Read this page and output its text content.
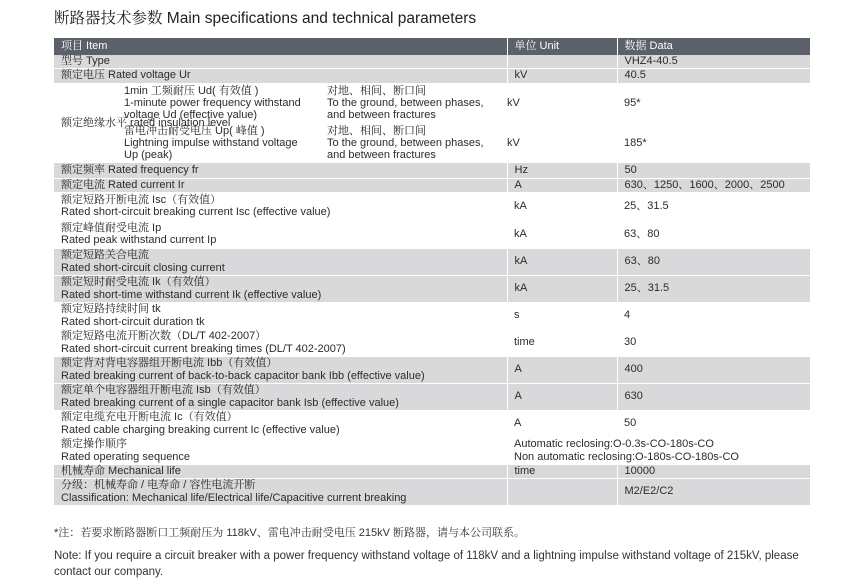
断路器技术参数 Main specifications and technical parameters
项目 Item			单位 Unit	数据 Data
型号 Type				VHZ4-40.5
额定电压 Rated voltage Ur			kV	40.5
额定绝缘水平 rated insulation level	1min 工频耐压 Ud( 有效值 )
1-minute power frequency withstand
voltage Ud (effective value)	对地、相间、断口间
To the ground, between phases,
and between fractures	kV	95*

	雷电冲击耐受电压 Up( 峰值 )
Lightning impulse withstand voltage
Up (peak)	对地、相间、断口间
To the ground, between phases,
and between fractures	kV	185*
额定频率 Rated frequency fr			Hz	50
额定电流 Rated current Ir			A	630、1250、1600、2000、2500

额定短路开断电流 Isc（有效值）
Rated short-circuit breaking current Isc (effective value)			kA	25、31.5

额定峰值耐受电流 Ip
Rated peak withstand current Ip			kA	63、80

额定短路关合电流
Rated short-circuit closing current			kA	63、80

额定短时耐受电流 Ik（有效值）
Rated short-time withstand current Ik (effective value)			kA	25、31.5

额定短路持续时间 tk
Rated short-circuit duration tk			s	4

额定短路电流开断次数（DL/T 402-2007）
Rated short-circuit current breaking times (DL/T 402-2007)			time	30

额定背对背电容器组开断电流 Ibb（有效值）
Rated breaking current of back-to-back capacitor bank Ibb (effective value)			A	400

额定单个电容器组开断电流 Isb（有效值）
Rated breaking current of a single capacitor bank Isb (effective value)			A	630

额定电缆充电开断电流 Ic（有效值）
Rated cable charging breaking current Ic (effective value)			A	50

额定操作顺序
Rated operating sequence			Automatic reclosing:O-0.3s-CO-180s-CO
Non automatic reclosing:O-180s-CO-180s-CO	

机械寿命 Mechanical life			time	10000

分级：机械寿命 / 电寿命 / 容性电流开断
Classification: Mechanical life/Electrical life/Capacitive current breaking				M2/E2/C2
*注：若要求断路器断口工频耐压为 118kV、雷电冲击耐受电压 215kV 断路器，请与本公司联系。
Note: If you require a circuit breaker with a power frequency withstand voltage of 118kV and a lightning impulse withstand voltage of 215kV, please contact our company.
